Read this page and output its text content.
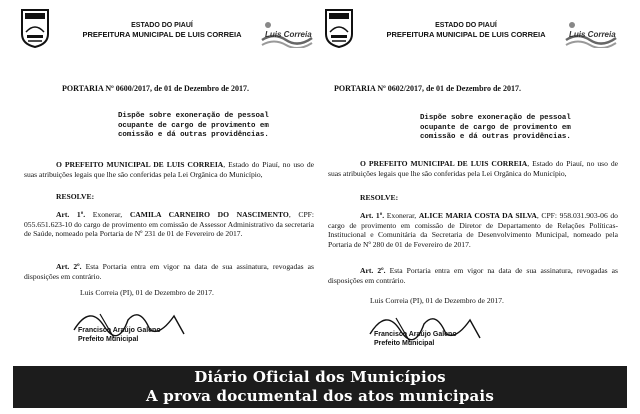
ESTADO DO PIAUÍ
PREFEITURA MUNICIPAL DE LUIS CORREIA	Luis Correia
PORTARIA Nº 0600/2017, de 01 de Dezembro de 2017.
Dispõe sobre exoneração de pessoal ocupante de cargo de provimento em comissão e dá outras providências.

O PREFEITO MUNICIPAL DE LUIS CORREIA, Estado do Piauí, no uso de suas atribuições legais que lhe são conferidas pela Lei Orgânica do Município,

RESOLVE:

Art. 1º. Exonerar, CAMILA CARNEIRO DO NASCIMENTO, CPF: 055.651.623-10 do cargo de provimento em comissão de Assessor Administrativo da secretaria de Saúde, nomeado pela Portaria de Nº 231 de 01 de Fevereiro de 2017.

Art. 2º. Esta Portaria entra em vigor na data de sua assinatura, revogadas as disposições em contrário.

Luis Correia (PI), 01 de Dezembro de 2017.

Francisco Araújo Galeno
Prefeito Municipal
ESTADO DO PIAUÍ
PREFEITURA MUNICIPAL DE LUIS CORREIA	Luis Correia
PORTARIA Nº 0602/2017, de 01 de Dezembro de 2017.
Dispõe sobre exoneração de pessoal ocupante de cargo de provimento em comissão e dá outras providências.

O PREFEITO MUNICIPAL DE LUIS CORREIA, Estado do Piauí, no uso de suas atribuições legais que lhe são conferidas pela Lei Orgânica do Município,

RESOLVE:

Art. 1º. Exonerar, ALICE MARIA COSTA DA SILVA, CPF: 958.031.903-06 do cargo de provimento em comissão de Diretor de Departamento de Relações Políticas-Institucional e Comunitária da Secretaria de Desenvolvimento Municipal, nomeado pela Portaria de Nº 280 de 01 de Fevereiro de 2017.

Art. 2º. Esta Portaria entra em vigor na data de sua assinatura, revogadas as disposições em contrário.

Luis Correia (PI), 01 de Dezembro de 2017.

Francisco Araújo Galeno
Prefeito Municipal
Diário Oficial dos Municípios
A prova documental dos atos municipais
